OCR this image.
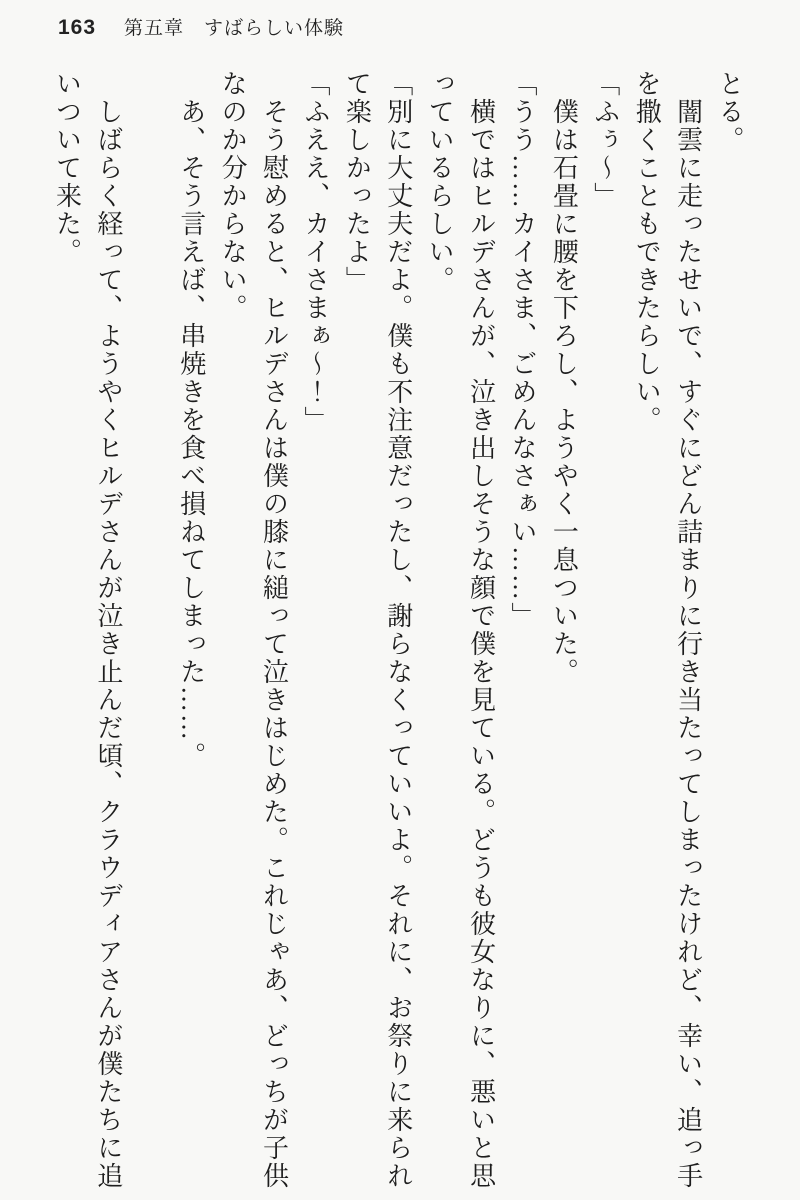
163 第五章　すばらしい体験

とる。

　闇雲に走ったせいで、すぐにどん詰まりに行き当たってしまったけれど、幸い、追っ手

を撒くこともできたらしい。

「ふぅ〜」

　僕は石畳に腰を下ろし、ようやく一息ついた。

「うう……カイさま、ごめんなさぁい……」

　横ではヒルデさんが、泣き出しそうな顔で僕を見ている。どうも彼女なりに、悪いと思

っているらしい。

「別に大丈夫だよ。僕も不注意だったし、謝らなくっていいよ。それに、お祭りに来られ

て楽しかったよ」

「ふええ、カイさまぁ〜！」

　そう慰めると、ヒルデさんは僕の膝に縋って泣きはじめた。これじゃあ、どっちが子供

なのか分からない。

　あ、そう言えば、串焼きを食べ損ねてしまった……。

　しばらく経って、ようやくヒルデさんが泣き止んだ頃、クラウディアさんが僕たちに追

いついて来た。
